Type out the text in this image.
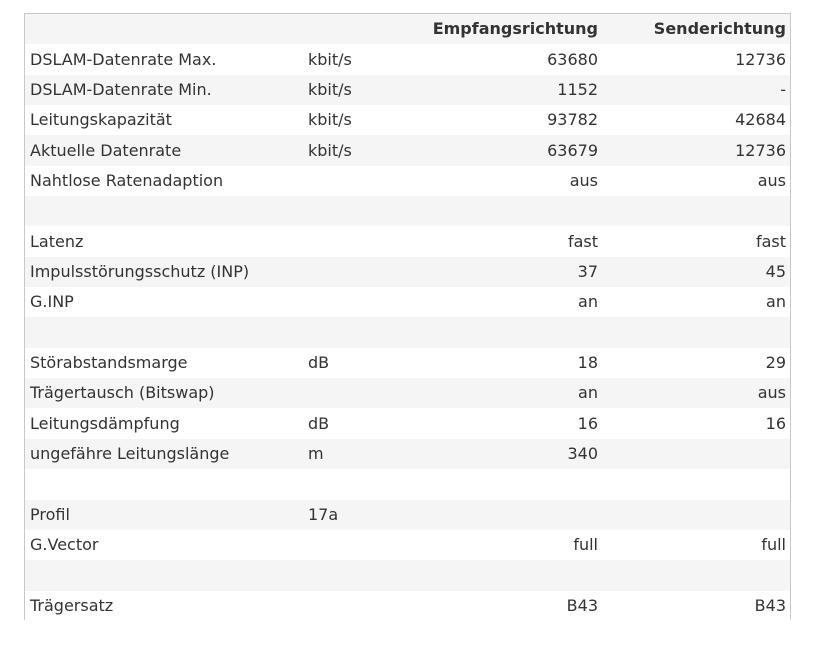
		Empfangsrichtung	Senderichtung
DSLAM-Datenrate Max.	kbit/s	63680	12736
DSLAM-Datenrate Min.	kbit/s	1152	-
Leitungskapazität	kbit/s	93782	42684
Aktuelle Datenrate	kbit/s	63679	12736
Nahtlose Ratenadaption		aus	aus

Latenz		fast	fast
Impulsstörungsschutz (INP)		37	45
G.INP		an	an

Störabstandsmarge	dB	18	29
Trägertausch (Bitswap)		an	aus
Leitungsdämpfung	dB	16	16
ungefähre Leitungslänge	m	340	

Profil	17a		
G.Vector		full	full

Trägersatz		B43	B43
